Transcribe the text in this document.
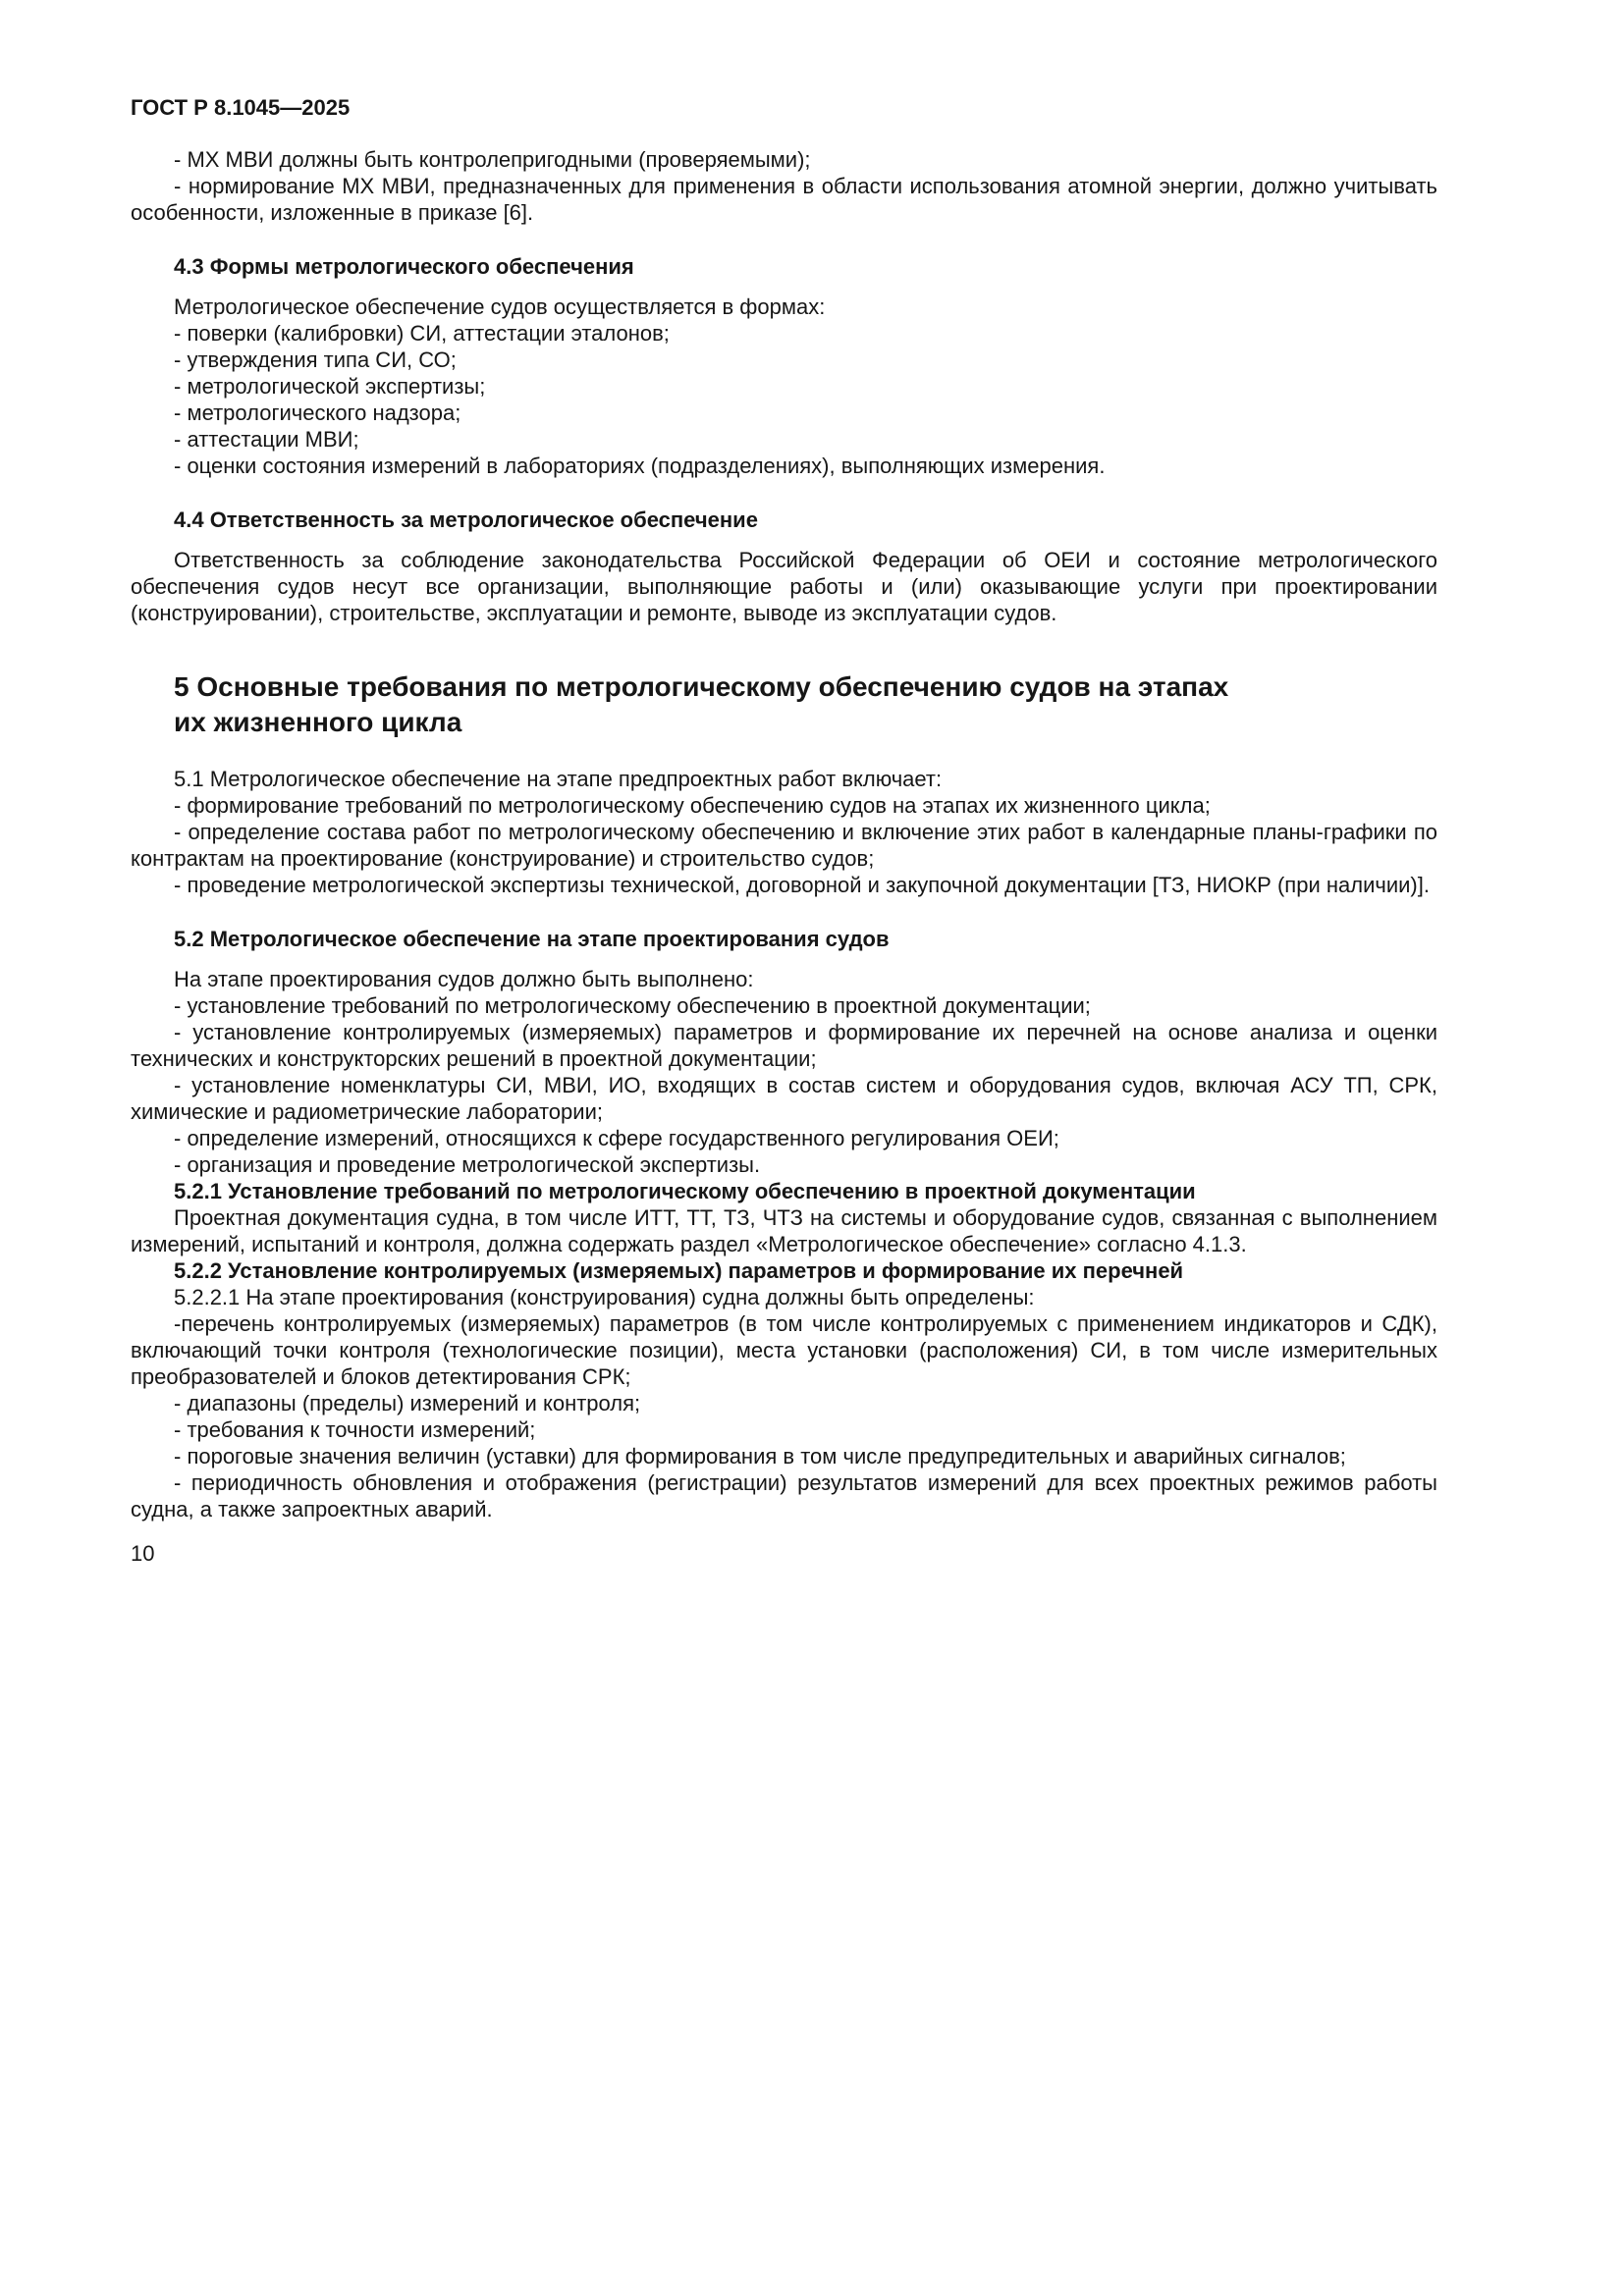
ГОСТ Р 8.1045—2025

- МХ МВИ должны быть контролепригодными (проверяемыми);

- нормирование МХ МВИ, предназначенных для применения в области использования атомной энергии, должно учитывать особенности, изложенные в приказе [6].

4.3 Формы метрологического обеспечения

Метрологическое обеспечение судов осуществляется в формах:

- поверки (калибровки) СИ, аттестации эталонов;

- утверждения типа СИ, СО;

- метрологической экспертизы;

- метрологического надзора;

- аттестации МВИ;

- оценки состояния измерений в лабораториях (подразделениях), выполняющих измерения.

4.4 Ответственность за метрологическое обеспечение

Ответственность за соблюдение законодательства Российской Федерации об ОЕИ и состояние метрологического обеспечения судов несут все организации, выполняющие работы и (или) оказывающие услуги при проектировании (конструировании), строительстве, эксплуатации и ремонте, выводе из эксплуатации судов.

5 Основные требования по метрологическому обеспечению судов на этапах их жизненного цикла

5.1 Метрологическое обеспечение на этапе предпроектных работ включает:

- формирование требований по метрологическому обеспечению судов на этапах их жизненного цикла;

- определение состава работ по метрологическому обеспечению и включение этих работ в календарные планы-графики по контрактам на проектирование (конструирование) и строительство судов;

- проведение метрологической экспертизы технической, договорной и закупочной документации [ТЗ, НИОКР (при наличии)].

5.2 Метрологическое обеспечение на этапе проектирования судов

На этапе проектирования судов должно быть выполнено:

- установление требований по метрологическому обеспечению в проектной документации;

- установление контролируемых (измеряемых) параметров и формирование их перечней на основе анализа и оценки технических и конструкторских решений в проектной документации;

- установление номенклатуры СИ, МВИ, ИО, входящих в состав систем и оборудования судов, включая АСУ ТП, СРК, химические и радиометрические лаборатории;

- определение измерений, относящихся к сфере государственного регулирования ОЕИ;

- организация и проведение метрологической экспертизы.

5.2.1 Установление требований по метрологическому обеспечению в проектной документации

Проектная документация судна, в том числе ИТТ, ТТ, ТЗ, ЧТЗ на системы и оборудование судов, связанная с выполнением измерений, испытаний и контроля, должна содержать раздел «Метрологическое обеспечение» согласно 4.1.3.

5.2.2 Установление контролируемых (измеряемых) параметров и формирование их перечней

5.2.2.1 На этапе проектирования (конструирования) судна должны быть определены:

-перечень контролируемых (измеряемых) параметров (в том числе контролируемых с применением индикаторов и СДК), включающий точки контроля (технологические позиции), места установки (расположения) СИ, в том числе измерительных преобразователей и блоков детектирования СРК;

- диапазоны (пределы) измерений и контроля;

- требования к точности измерений;

- пороговые значения величин (уставки) для формирования в том числе предупредительных и аварийных сигналов;

- периодичность обновления и отображения (регистрации) результатов измерений для всех проектных режимов работы судна, а также запроектных аварий.

10
